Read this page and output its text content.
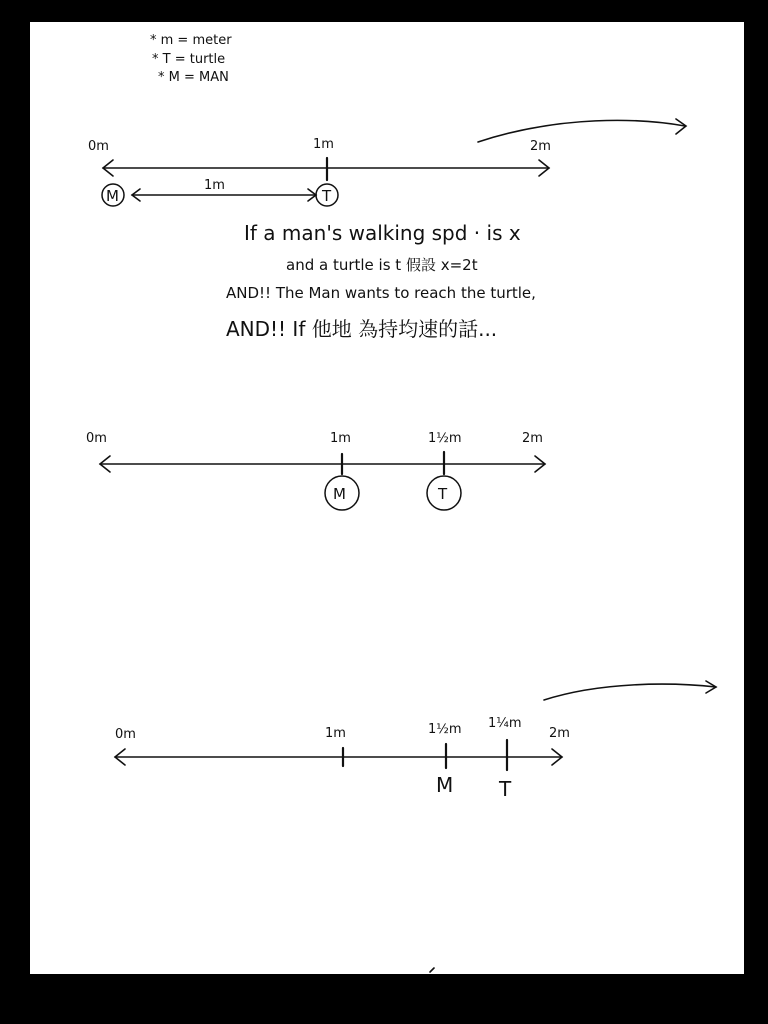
* m = meter
* T = turtle
* M = MAN
0m	1m	2m
M	T
1m
If a man's walking spd · is x
and a turtle is t 假設 x=2t
AND!! The Man wants to reach the turtle,
AND!! If 他地 為持均速的話...
0m	1m	1½m	2m
M	T
0m	1m	1½m 1¼m
2m
M T
